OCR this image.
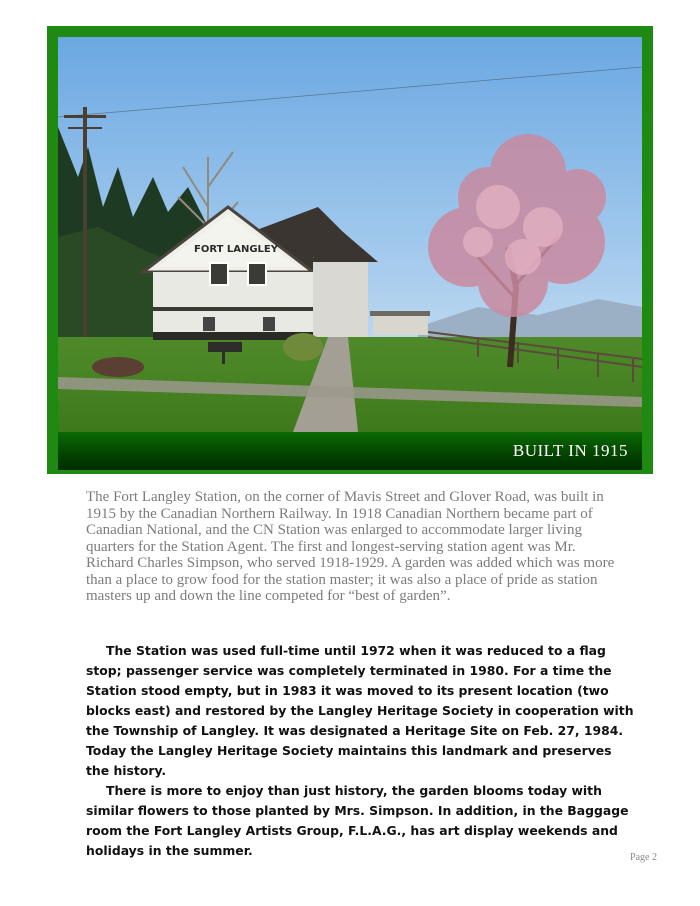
FORT LANGLEY
BUILT IN 1915

The Fort Langley Station, on the corner of Mavis Street and Glover Road, was built in 1915 by the Canadian Northern Railway. In 1918 Canadian Northern became part of Canadian National, and the CN Station was enlarged to accommodate larger living quarters for the Station Agent. The first and longest-serving station agent was Mr. Richard Charles Simpson, who served 1918-1929. A garden was added which was more than a place to grow food for the station master; it was also a place of pride as station masters up and down the line competed for “best of garden”.

The Station was used full-time until 1972 when it was reduced to a flag stop; passenger service was completely terminated in 1980. For a time the Station stood empty, but in 1983 it was moved to its present location (two blocks east) and restored by the Langley Heritage Society in cooperation with the Township of Langley. It was designated a Heritage Site on Feb. 27, 1984. Today the Langley Heritage Society maintains this landmark and preserves the history.

There is more to enjoy than just history, the garden blooms today with similar flowers to those planted by Mrs. Simpson. In addition, in the Baggage room the Fort Langley Artists Group, F.L.A.G., has art display weekends and holidays in the summer.	Page 2
